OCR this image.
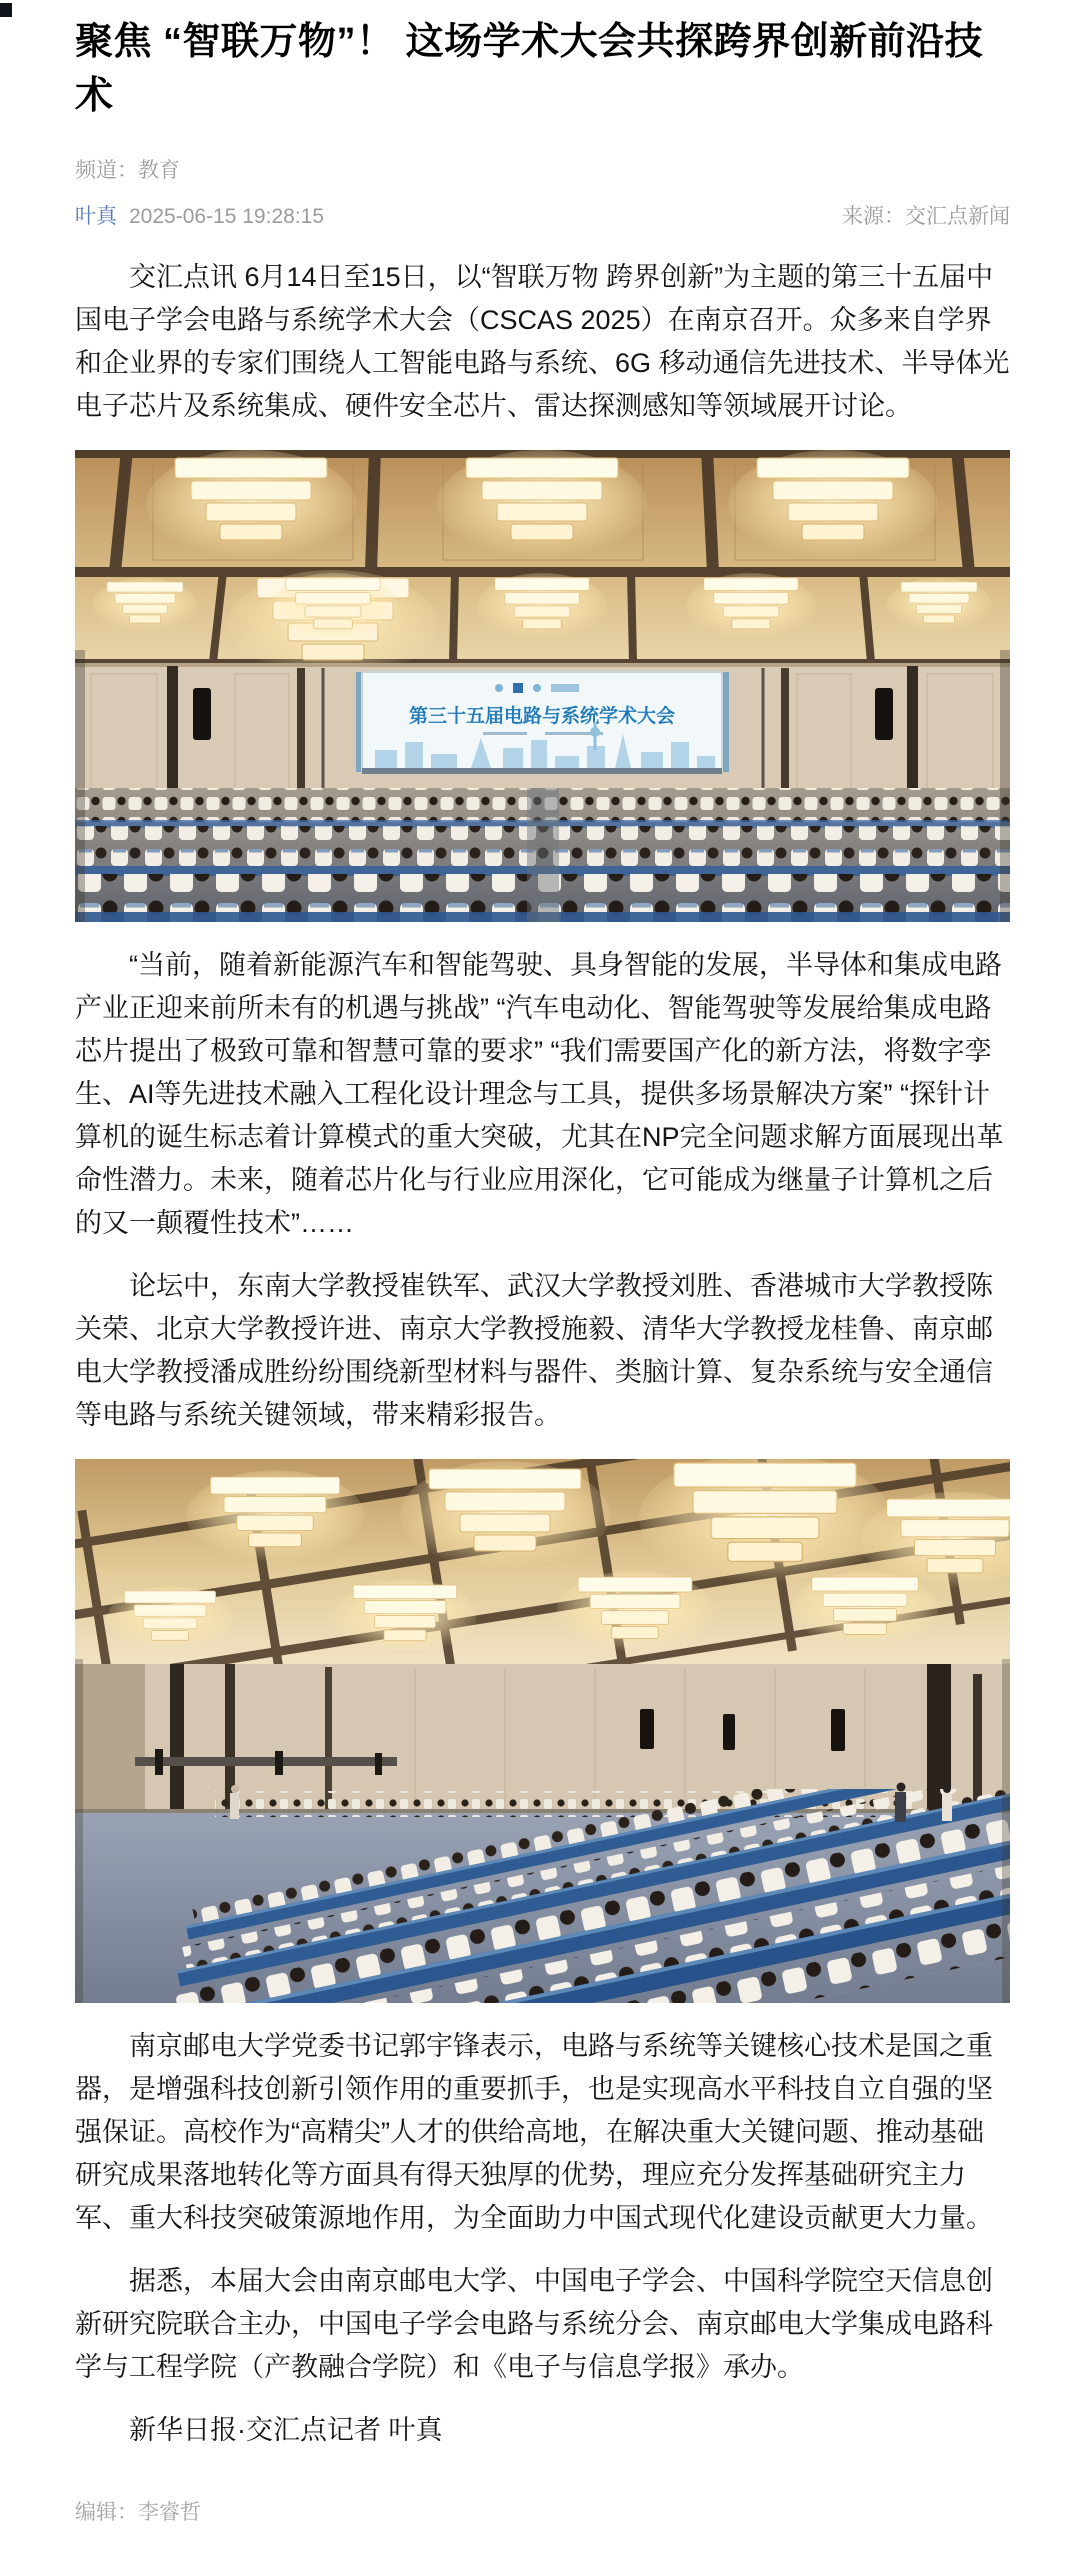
聚焦 “智联万物”！ 这场学术大会共探跨界创新前沿技术
频道：教育
叶真 2025-06-15 19:28:15	来源：交汇点新闻

交汇点讯 6月14日至15日，以“智联万物 跨界创新”为主题的第三十五届中国电子学会电路与系统学术大会（CSCAS 2025）在南京召开。众多来自学界和企业界的专家们围绕人工智能电路与系统、6G 移动通信先进技术、半导体光电子芯片及系统集成、硬件安全芯片、雷达探测感知等领域展开讨论。

第三十五届电路与系统学术大会

“当前，随着新能源汽车和智能驾驶、具身智能的发展，半导体和集成电路产业正迎来前所未有的机遇与挑战” “汽车电动化、智能驾驶等发展给集成电路芯片提出了极致可靠和智慧可靠的要求” “我们需要国产化的新方法，将数字孪生、AI等先进技术融入工程化设计理念与工具，提供多场景解决方案” “探针计算机的诞生标志着计算模式的重大突破，尤其在NP完全问题求解方面展现出革命性潜力。未来，随着芯片化与行业应用深化，它可能成为继量子计算机之后的又一颠覆性技术”……

论坛中，东南大学教授崔铁军、武汉大学教授刘胜、香港城市大学教授陈关荣、北京大学教授许进、南京大学教授施毅、清华大学教授龙桂鲁、南京邮电大学教授潘成胜纷纷围绕新型材料与器件、类脑计算、复杂系统与安全通信等电路与系统关键领域，带来精彩报告。

南京邮电大学党委书记郭宇锋表示，电路与系统等关键核心技术是国之重器，是增强科技创新引领作用的重要抓手，也是实现高水平科技自立自强的坚强保证。高校作为“高精尖”人才的供给高地，在解决重大关键问题、推动基础研究成果落地转化等方面具有得天独厚的优势，理应充分发挥基础研究主力军、重大科技突破策源地作用，为全面助力中国式现代化建设贡献更大力量。

据悉，本届大会由南京邮电大学、中国电子学会、中国科学院空天信息创新研究院联合主办，中国电子学会电路与系统分会、南京邮电大学集成电路科学与工程学院（产教融合学院）和《电子与信息学报》承办。

新华日报·交汇点记者 叶真

编辑：李睿哲
